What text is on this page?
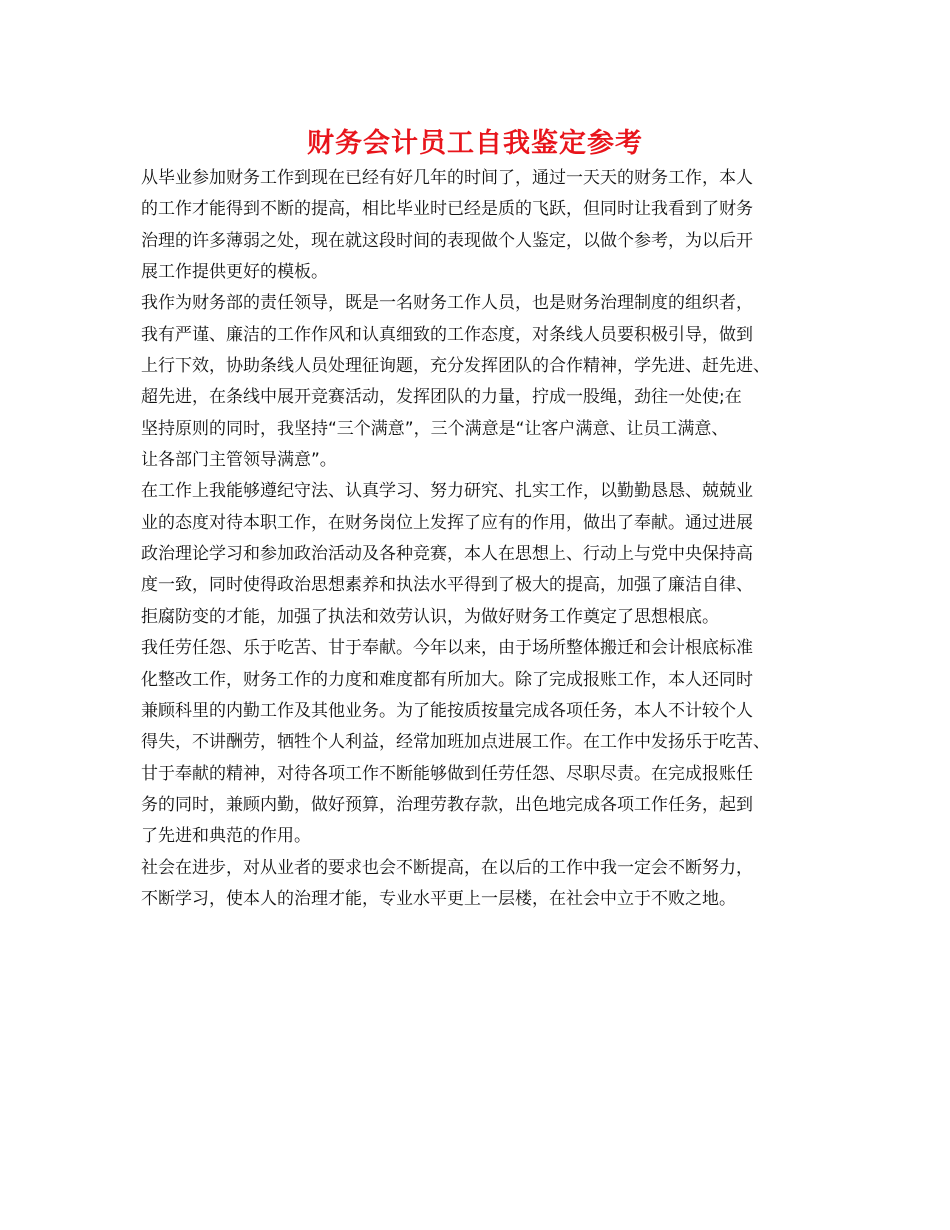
财务会计员工自我鉴定参考
从毕业参加财务工作到现在已经有好几年的时间了，通过一天天的财务工作，本人
的工作才能得到不断的提高，相比毕业时已经是质的飞跃，但同时让我看到了财务
治理的许多薄弱之处，现在就这段时间的表现做个人鉴定，以做个参考，为以后开
展工作提供更好的模板。
我作为财务部的责任领导，既是一名财务工作人员，也是财务治理制度的组织者，
我有严谨、廉洁的工作作风和认真细致的工作态度，对条线人员要积极引导，做到
上行下效，协助条线人员处理征询题，充分发挥团队的合作精神，学先进、赶先进、
超先进，在条线中展开竞赛活动，发挥团队的力量，拧成一股绳，劲往一处使;在
坚持原则的同时，我坚持“三个满意”，三个满意是“让客户满意、让员工满意、
让各部门主管领导满意”。
在工作上我能够遵纪守法、认真学习、努力研究、扎实工作，以勤勤恳恳、兢兢业
业的态度对待本职工作，在财务岗位上发挥了应有的作用，做出了奉献。通过进展
政治理论学习和参加政治活动及各种竞赛，本人在思想上、行动上与党中央保持高
度一致，同时使得政治思想素养和执法水平得到了极大的提高，加强了廉洁自律、
拒腐防变的才能，加强了执法和效劳认识，为做好财务工作奠定了思想根底。
我任劳任怨、乐于吃苦、甘于奉献。今年以来，由于场所整体搬迁和会计根底标准
化整改工作，财务工作的力度和难度都有所加大。除了完成报账工作，本人还同时
兼顾科里的内勤工作及其他业务。为了能按质按量完成各项任务，本人不计较个人
得失，不讲酬劳，牺牲个人利益，经常加班加点进展工作。在工作中发扬乐于吃苦、
甘于奉献的精神，对待各项工作不断能够做到任劳任怨、尽职尽责。在完成报账任
务的同时，兼顾内勤，做好预算，治理劳教存款，出色地完成各项工作任务，起到
了先进和典范的作用。
社会在进步，对从业者的要求也会不断提高，在以后的工作中我一定会不断努力，
不断学习，使本人的治理才能，专业水平更上一层楼，在社会中立于不败之地。
